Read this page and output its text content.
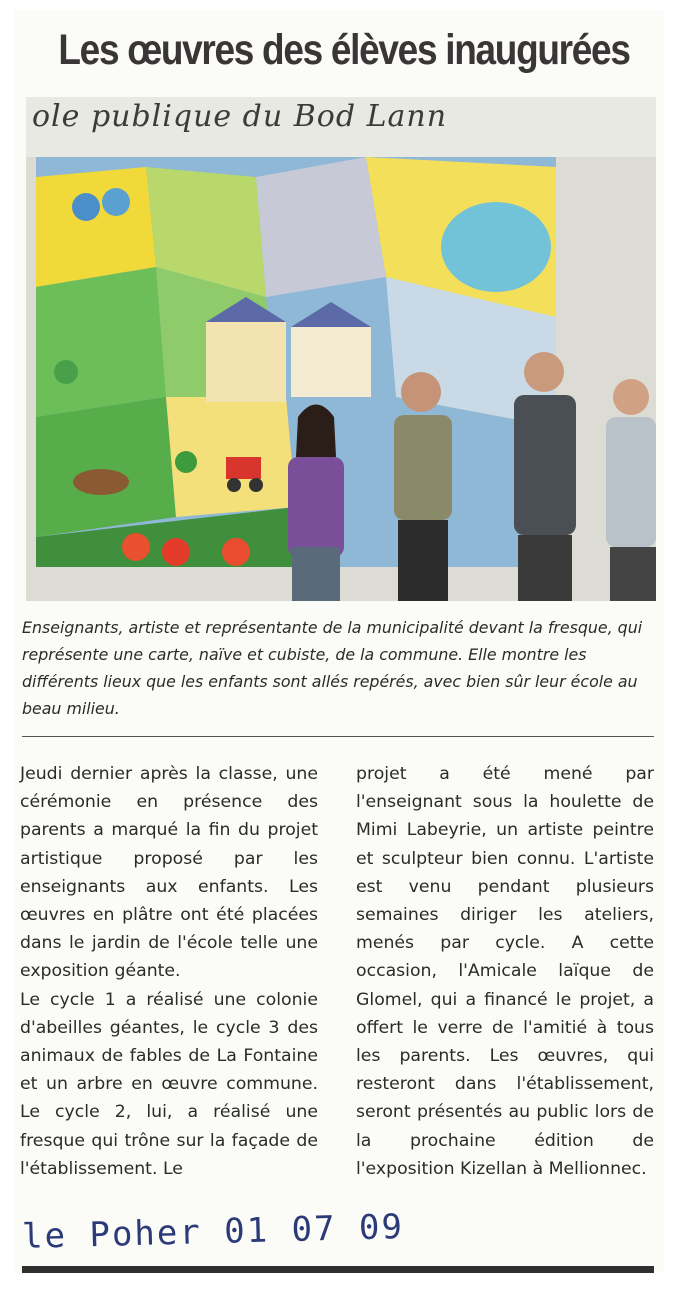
Les œuvres des élèves inaugurées
ole publique du Bod Lann
Enseignants, artiste et représentante de la municipalité devant la fresque, qui représente une carte, naïve et cubiste, de la commune. Elle montre les différents lieux que les enfants sont allés repérés, avec bien sûr leur école au beau milieu.

Jeudi dernier après la classe, une cérémonie en présence des parents a marqué la fin du projet artistique proposé par les enseignants aux enfants. Les œuvres en plâtre ont été placées dans le jardin de l'école telle une exposition géante.

Le cycle 1 a réalisé une colonie d'abeilles géantes, le cycle 3 des animaux de fables de La Fontaine et un arbre en œuvre commune. Le cycle 2, lui, a réalisé une fresque qui trône sur la façade de l'établissement. Le

projet a été mené par l'enseignant sous la houlette de Mimi Labeyrie, un artiste peintre et sculpteur bien connu. L'artiste est venu pendant plusieurs semaines diriger les ateliers, menés par cycle. A cette occasion, l'Amicale laïque de Glomel, qui a financé le projet, a offert le verre de l'amitié à tous les parents. Les œuvres, qui resteront dans l'établissement, seront présentés au public lors de la prochaine édition de l'exposition Kizellan à Mellionnec.

le Poher 01 07 09
